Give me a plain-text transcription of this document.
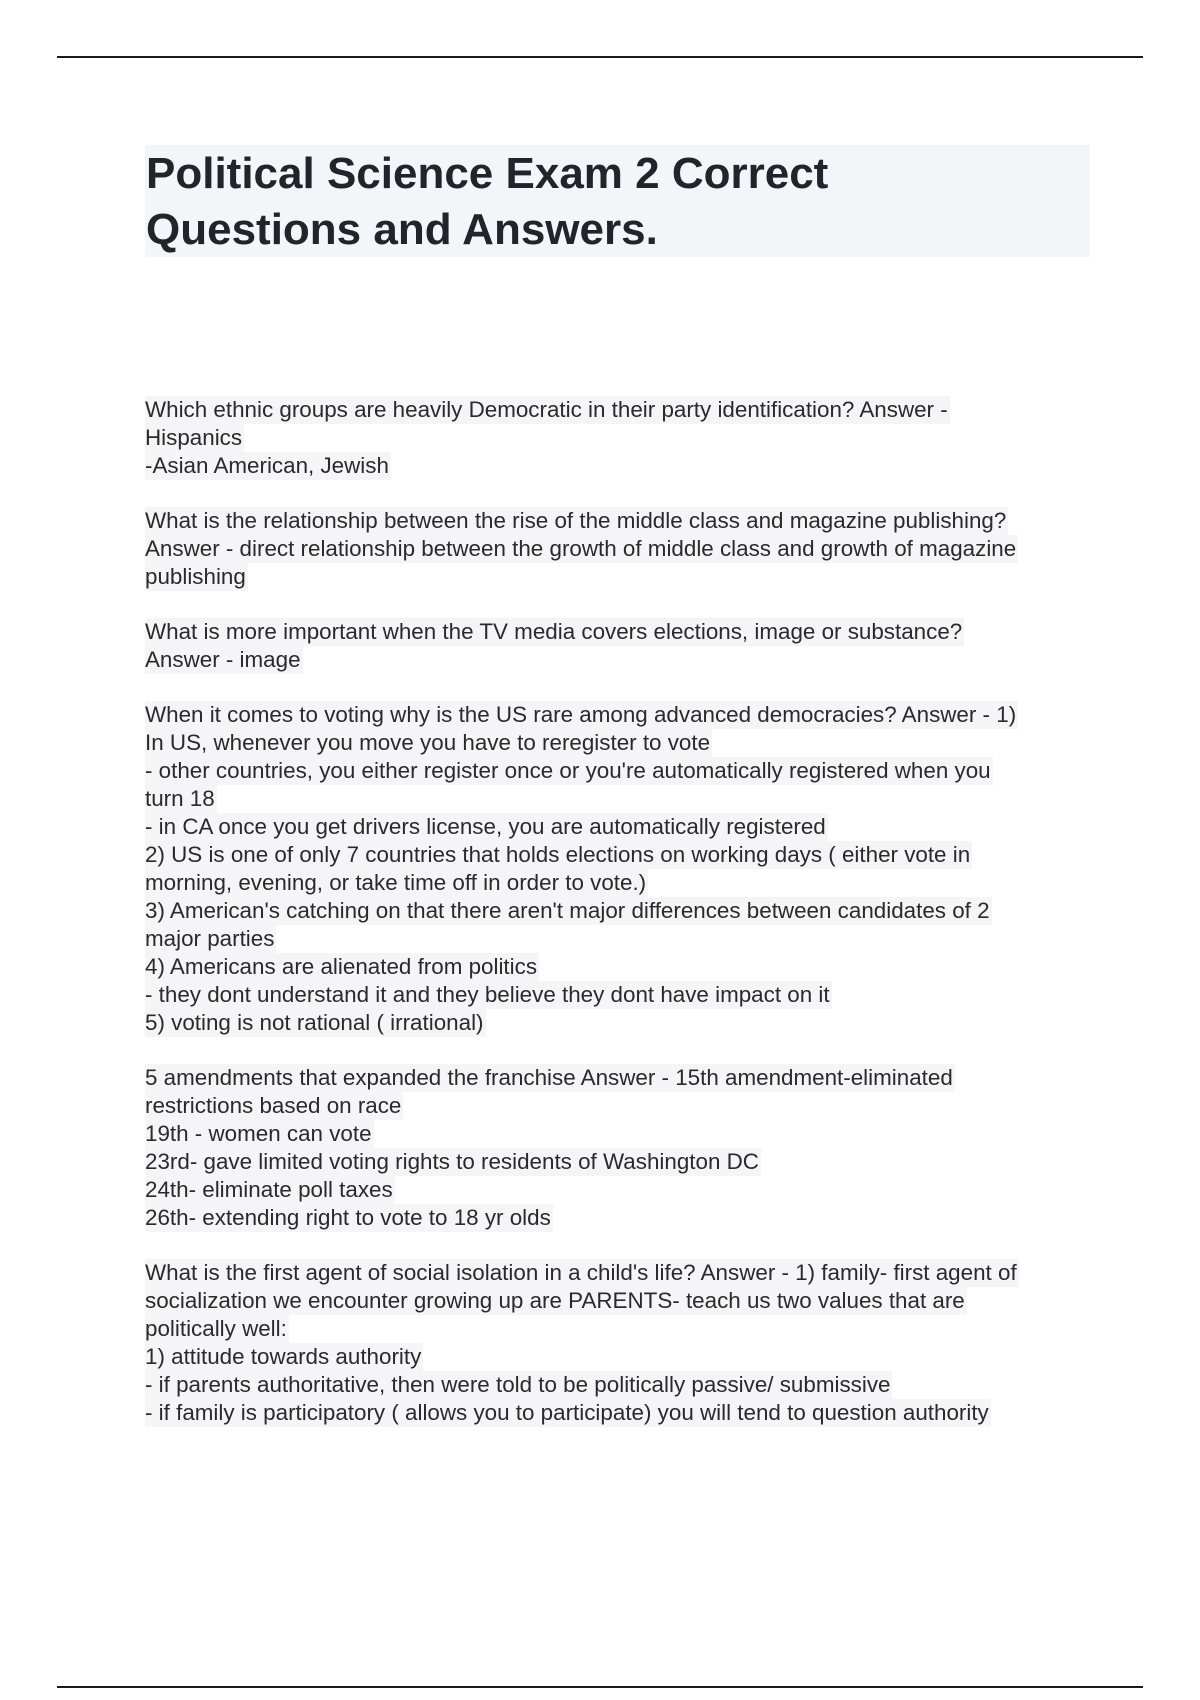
Political Science Exam 2 Correct
Questions and Answers.
Which ethnic groups are heavily Democratic in their party identification? Answer -
Hispanics
-Asian American, Jewish
What is the relationship between the rise of the middle class and magazine publishing?
Answer - direct relationship between the growth of middle class and growth of magazine
publishing
What is more important when the TV media covers elections, image or substance?
Answer - image
When it comes to voting why is the US rare among advanced democracies? Answer - 1)
In US, whenever you move you have to reregister to vote
- other countries, you either register once or you're automatically registered when you
turn 18
- in CA once you get drivers license, you are automatically registered
2) US is one of only 7 countries that holds elections on working days ( either vote in
morning, evening, or take time off in order to vote.)
3) American's catching on that there aren't major differences between candidates of 2
major parties
4) Americans are alienated from politics
- they dont understand it and they believe they dont have impact on it
5) voting is not rational ( irrational)
5 amendments that expanded the franchise Answer - 15th amendment-eliminated
restrictions based on race
19th - women can vote
23rd- gave limited voting rights to residents of Washington DC
24th- eliminate poll taxes
26th- extending right to vote to 18 yr olds
What is the first agent of social isolation in a child's life? Answer - 1) family- first agent of
socialization we encounter growing up are PARENTS- teach us two values that are
politically well:
1) attitude towards authority
- if parents authoritative, then were told to be politically passive/ submissive
- if family is participatory ( allows you to participate) you will tend to question authority
